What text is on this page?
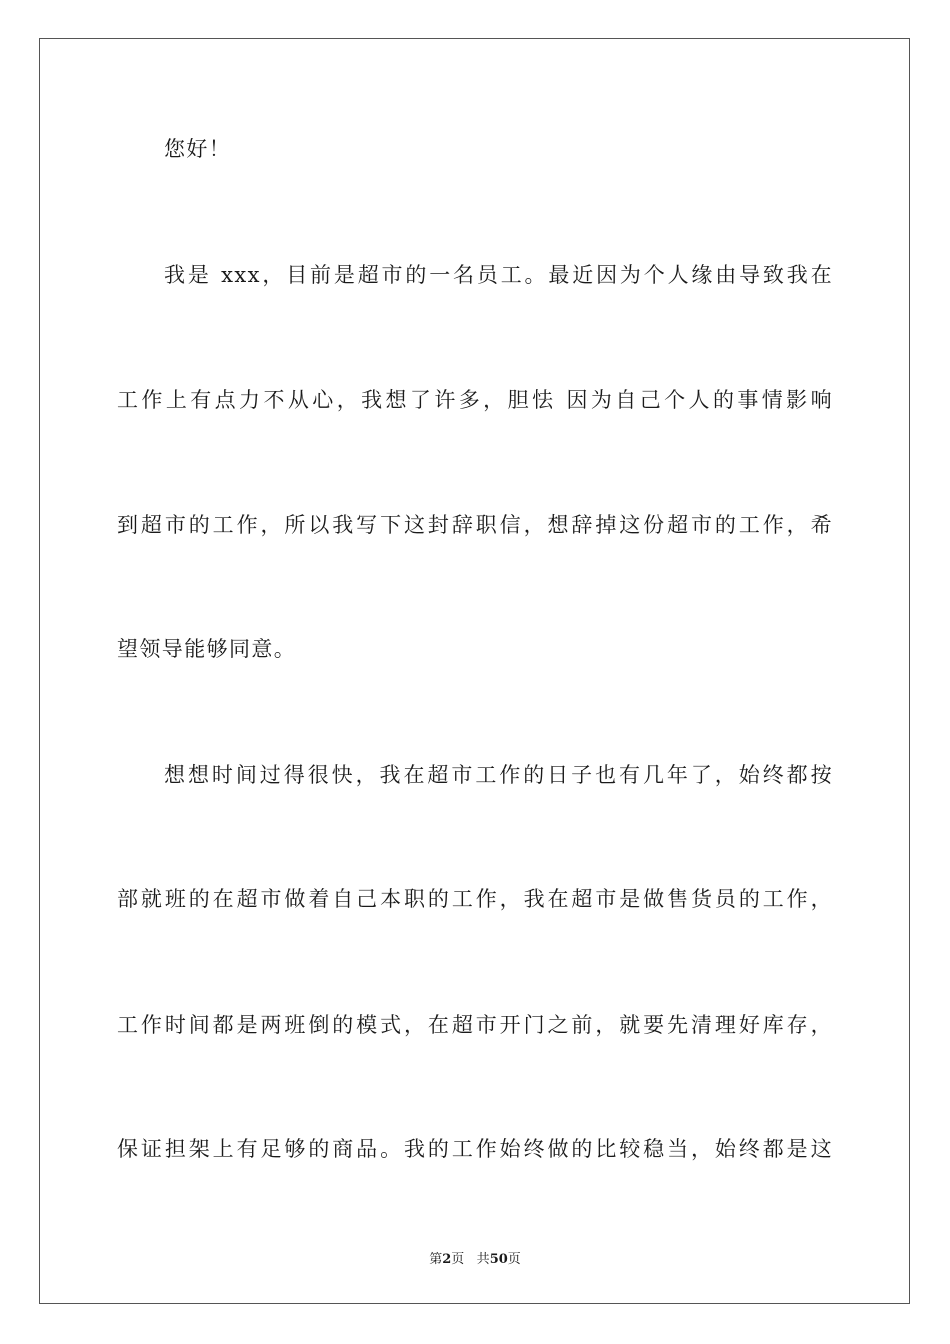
您好！
我是 xxx，目前是超市的一名员工。最近因为个人缘由导致我在
工作上有点力不从心，我想了许多，胆怯 因为自己个人的事情影响
到超市的工作，所以我写下这封辞职信，想辞掉这份超市的工作，希
望领导能够同意。
想想时间过得很快，我在超市工作的日子也有几年了，始终都按
部就班的在超市做着自己本职的工作，我在超市是做售货员的工作，
工作时间都是两班倒的模式，在超市开门之前，就要先清理好库存，
保证担架上有足够的商品。我的工作始终做的比较稳当，始终都是这
第2页 共50页
